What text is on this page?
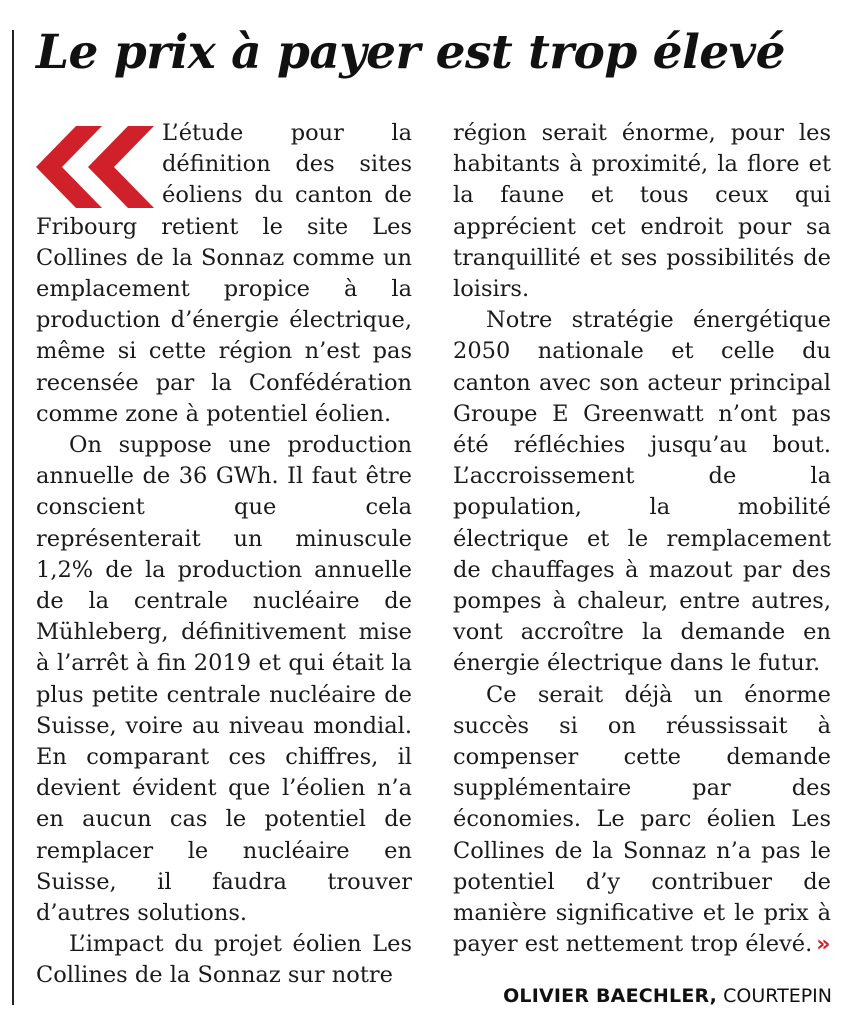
Le prix à payer est trop élevé

L’étude pour la définition des sites éoliens du canton de Fribourg retient le site Les Collines de la Sonnaz comme un emplacement propice à la production d’énergie électrique, même si cette région n’est pas recensée par la Confédération comme zone à potentiel éolien.

On suppose une production annuelle de 36 GWh. Il faut être conscient que cela représenterait un minuscule 1,2% de la production annuelle de la centrale nucléaire de Mühleberg, définitivement mise à l’arrêt à fin 2019 et qui était la plus petite centrale nucléaire de Suisse, voire au niveau mondial. En comparant ces chiffres, il devient évident que l’éolien n’a en aucun cas le potentiel de remplacer le nucléaire en Suisse, il faudra trouver d’autres solutions.

L’impact du projet éolien Les Collines de la Sonnaz sur notre

région serait énorme, pour les habitants à proximité, la flore et la faune et tous ceux qui apprécient cet endroit pour sa tranquillité et ses possibilités de loisirs.

Notre stratégie énergétique 2050 nationale et celle du canton avec son acteur principal Groupe E Greenwatt n’ont pas été réfléchies jusqu’au bout. L’accroissement de la population, la mobilité électrique et le remplacement de chauffages à mazout par des pompes à chaleur, entre autres, vont accroître la demande en énergie électrique dans le futur.

Ce serait déjà un énorme succès si on réussissait à compenser cette demande supplémentaire par des économies. Le parc éolien Les Collines de la Sonnaz n’a pas le potentiel d’y contribuer de manière significative et le prix à payer est nettement trop élevé. »

OLIVIER BAECHLER, COURTEPIN
